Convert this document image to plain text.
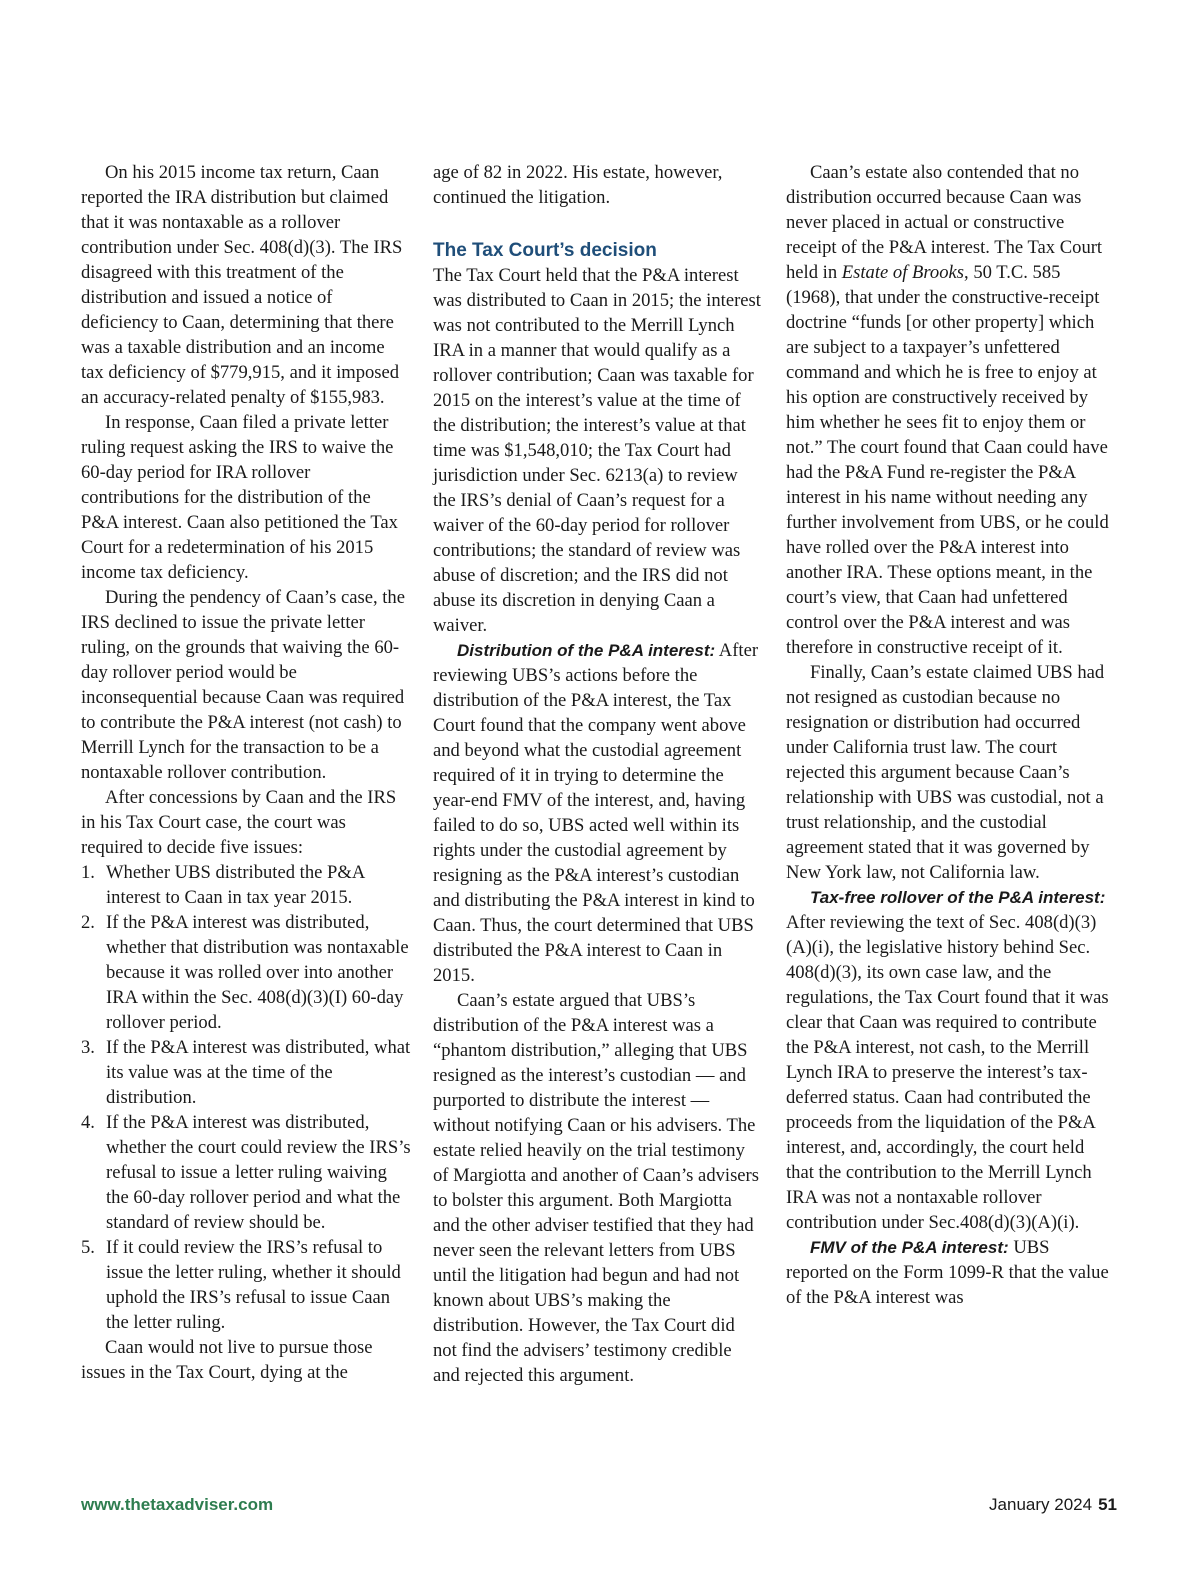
On his 2015 income tax return, Caan reported the IRA distribution but claimed that it was nontaxable as a rollover contribution under Sec. 408(d)(3). The IRS disagreed with this treatment of the distribution and issued a notice of deficiency to Caan, determining that there was a taxable distribution and an income tax deficiency of $779,915, and it imposed an accuracy-related penalty of $155,983.

In response, Caan filed a private letter ruling request asking the IRS to waive the 60-day period for IRA rollover contributions for the distribution of the P&A interest. Caan also petitioned the Tax Court for a redetermination of his 2015 income tax deficiency.

During the pendency of Caan’s case, the IRS declined to issue the private letter ruling, on the grounds that waiving the 60-day rollover period would be inconsequential because Caan was required to contribute the P&A interest (not cash) to Merrill Lynch for the transaction to be a nontaxable rollover contribution.

After concessions by Caan and the IRS in his Tax Court case, the court was required to decide five issues:

1. Whether UBS distributed the P&A interest to Caan in tax year 2015.
2. If the P&A interest was distributed, whether that distribution was nontaxable because it was rolled over into another IRA within the Sec. 408(d)(3)(I) 60-day rollover period.
3. If the P&A interest was distributed, what its value was at the time of the distribution.
4. If the P&A interest was distributed, whether the court could review the IRS’s refusal to issue a letter ruling waiving the 60-day rollover period and what the standard of review should be.
5. If it could review the IRS’s refusal to issue the letter ruling, whether it should uphold the IRS’s refusal to issue Caan the letter ruling.

Caan would not live to pursue those issues in the Tax Court, dying at the

age of 82 in 2022. His estate, however, continued the litigation.

The Tax Court’s decision

The Tax Court held that the P&A interest was distributed to Caan in 2015; the interest was not contributed to the Merrill Lynch IRA in a manner that would qualify as a rollover contribution; Caan was taxable for 2015 on the interest’s value at the time of the distribution; the interest’s value at that time was $1,548,010; the Tax Court had jurisdiction under Sec. 6213(a) to review the IRS’s denial of Caan’s request for a waiver of the 60-day period for rollover contributions; the standard of review was abuse of discretion; and the IRS did not abuse its discretion in denying Caan a waiver.

Distribution of the P&A interest: After reviewing UBS’s actions before the distribution of the P&A interest, the Tax Court found that the company went above and beyond what the custodial agreement required of it in trying to determine the year-end FMV of the interest, and, having failed to do so, UBS acted well within its rights under the custodial agreement by resigning as the P&A interest’s custodian and distributing the P&A interest in kind to Caan. Thus, the court determined that UBS distributed the P&A interest to Caan in 2015.

Caan’s estate argued that UBS’s distribution of the P&A interest was a “phantom distribution,” alleging that UBS resigned as the interest’s custodian — and purported to distribute the interest — without notifying Caan or his advisers. The estate relied heavily on the trial testimony of Margiotta and another of Caan’s advisers to bolster this argument. Both Margiotta and the other adviser testified that they had never seen the relevant letters from UBS until the litigation had begun and had not known about UBS’s making the distribution. However, the Tax Court did not find the advisers’ testimony credible and rejected this argument.

Caan’s estate also contended that no distribution occurred because Caan was never placed in actual or constructive receipt of the P&A interest. The Tax Court held in Estate of Brooks, 50 T.C. 585 (1968), that under the constructive-receipt doctrine “funds [or other property] which are subject to a taxpayer’s unfettered command and which he is free to enjoy at his option are constructively received by him whether he sees fit to enjoy them or not.” The court found that Caan could have had the P&A Fund re-register the P&A interest in his name without needing any further involvement from UBS, or he could have rolled over the P&A interest into another IRA. These options meant, in the court’s view, that Caan had unfettered control over the P&A interest and was therefore in constructive receipt of it.

Finally, Caan’s estate claimed UBS had not resigned as custodian because no resignation or distribution had occurred under California trust law. The court rejected this argument because Caan’s relationship with UBS was custodial, not a trust relationship, and the custodial agreement stated that it was governed by New York law, not California law.

Tax-free rollover of the P&A interest: After reviewing the text of Sec. 408(d)(3)(A)(i), the legislative history behind Sec. 408(d)(3), its own case law, and the regulations, the Tax Court found that it was clear that Caan was required to contribute the P&A interest, not cash, to the Merrill Lynch IRA to preserve the interest’s tax-deferred status. Caan had contributed the proceeds from the liquidation of the P&A interest, and, accordingly, the court held that the contribution to the Merrill Lynch IRA was not a nontaxable rollover contribution under Sec.408(d)(3)(A)(i).

FMV of the P&A interest: UBS reported on the Form 1099-R that the value of the P&A interest was

www.thetaxadviser.com	January 2024 51
